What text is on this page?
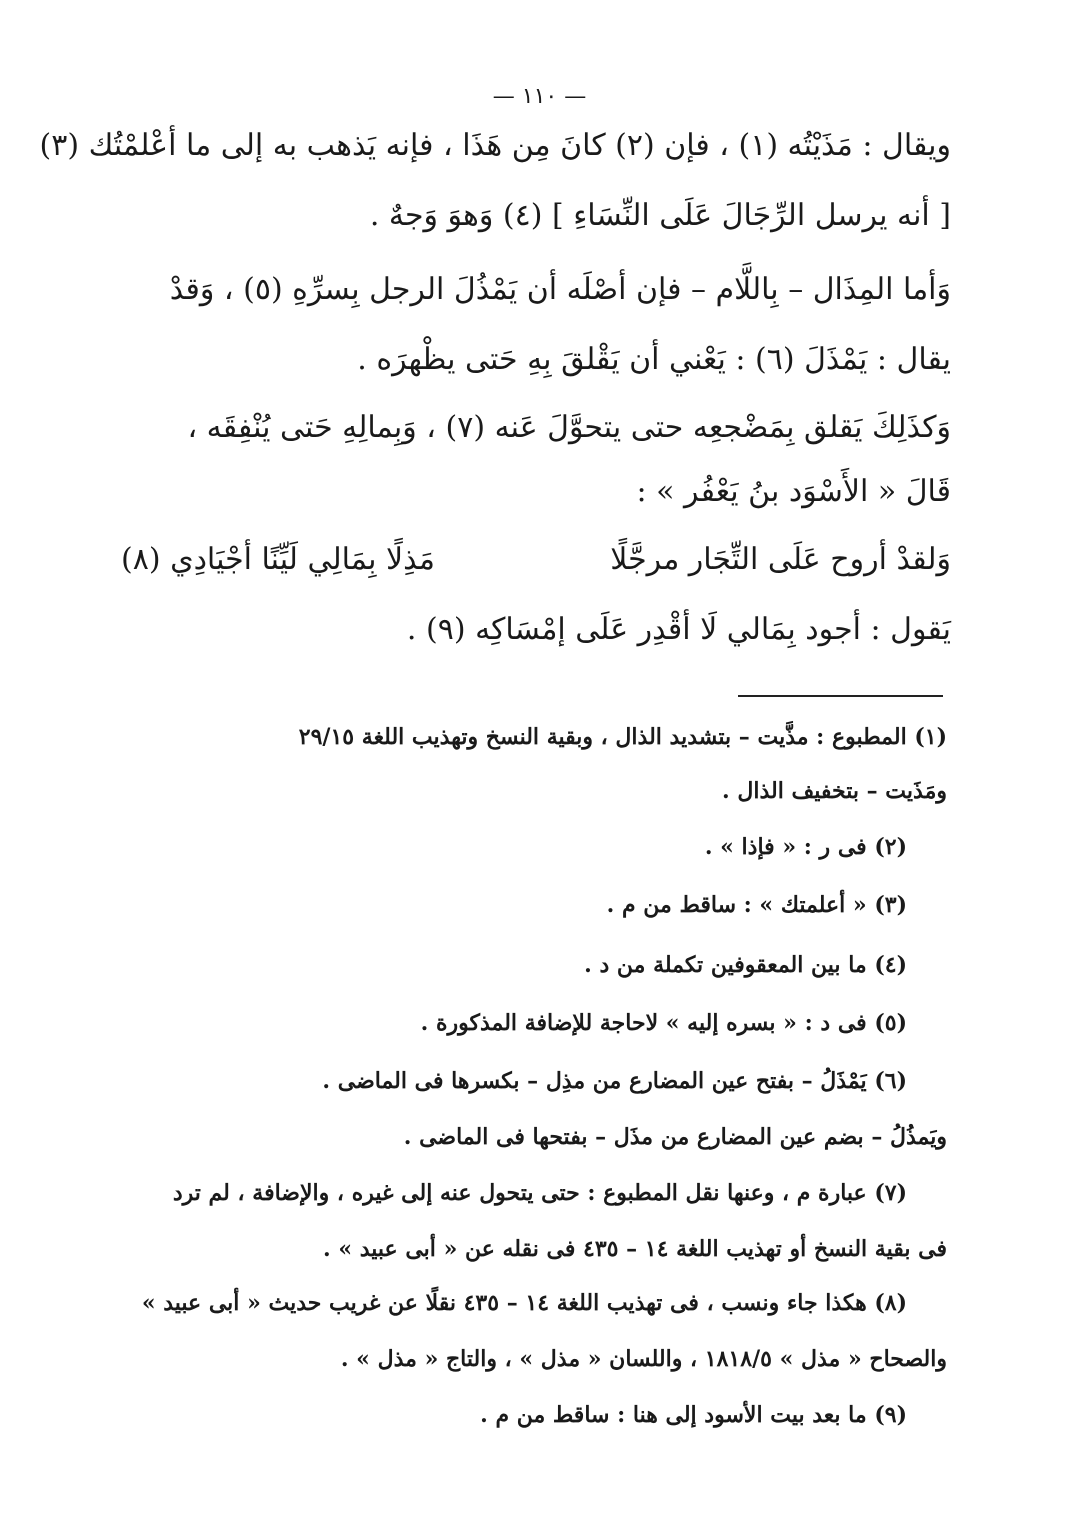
— ١١٠ —
ويقال : مَذَيْتُه (١) ، فإن (٢) كانَ مِن هَذَا ، فإنه يَذهب به إلى ما أعْلمْتُك (٣)
[ أنه يرسل الرِّجَالَ عَلَى النِّسَاءِ ] (٤) وَهوَ وَجهٌ .
وَأما المِذَال – بِاللَّام – فإن أصْلَه أن يَمْذُلَ الرجل بِسرِّهِ (٥) ، وَقدْ
يقال : يَمْذَلَ (٦) : يَعْني أن يَقْلقَ بِهِ حَتى يظْهرَه .
وَكذَلِكَ يَقلق بِمَضْجعِه حتى يتحوَّلَ عَنه (٧) ، وَبِمالِهِ حَتى يُنْفِقَه ،
قَالَ « الأَسْوَد بنُ يَعْفُر » :
وَلقدْ أروح عَلَى التِّجَار مرجَّلًا
مَذِلًا بِمَالِي لَيِّنًا أجْيَادِي (٨)
يَقول : أجود بِمَالي لَا أقْدِر عَلَى إمْسَاكِه (٩) .
(١) المطبوع : مذَّيت – بتشديد الذال ، وبقية النسخ وتهذيب اللغة ٢٩/١٥
ومَذَيت – بتخفيف الذال .
(٢) فى ر : « فإذا » .
(٣) « أعلمتك » : ساقط من م .
(٤) ما بين المعقوفين تكملة من د .
(٥) فى د : « بسره إليه » لاحاجة للإضافة المذكورة .
(٦) يَمْذَلُ – بفتح عين المضارع من مذِل – بكسرها فى الماضى .
ويَمذُلُ – بضم عين المضارع من مذَل – بفتحها فى الماضى .
(٧) عبارة م ، وعنها نقل المطبوع : حتى يتحول عنه إلى غيره ، والإضافة ، لم ترد
فى بقية النسخ أو تهذيب اللغة ١٤ – ٤٣٥ فى نقله عن « أبى عبيد » .
(٨) هكذا جاء ونسب ، فى تهذيب اللغة ١٤ – ٤٣٥ نقلًا عن غريب حديث « أبى عبيد »
والصحاح « مذل » ١٨١٨/٥ ، واللسان « مذل » ، والتاج « مذل » .
(٩) ما بعد بيت الأسود إلى هنا : ساقط من م .
